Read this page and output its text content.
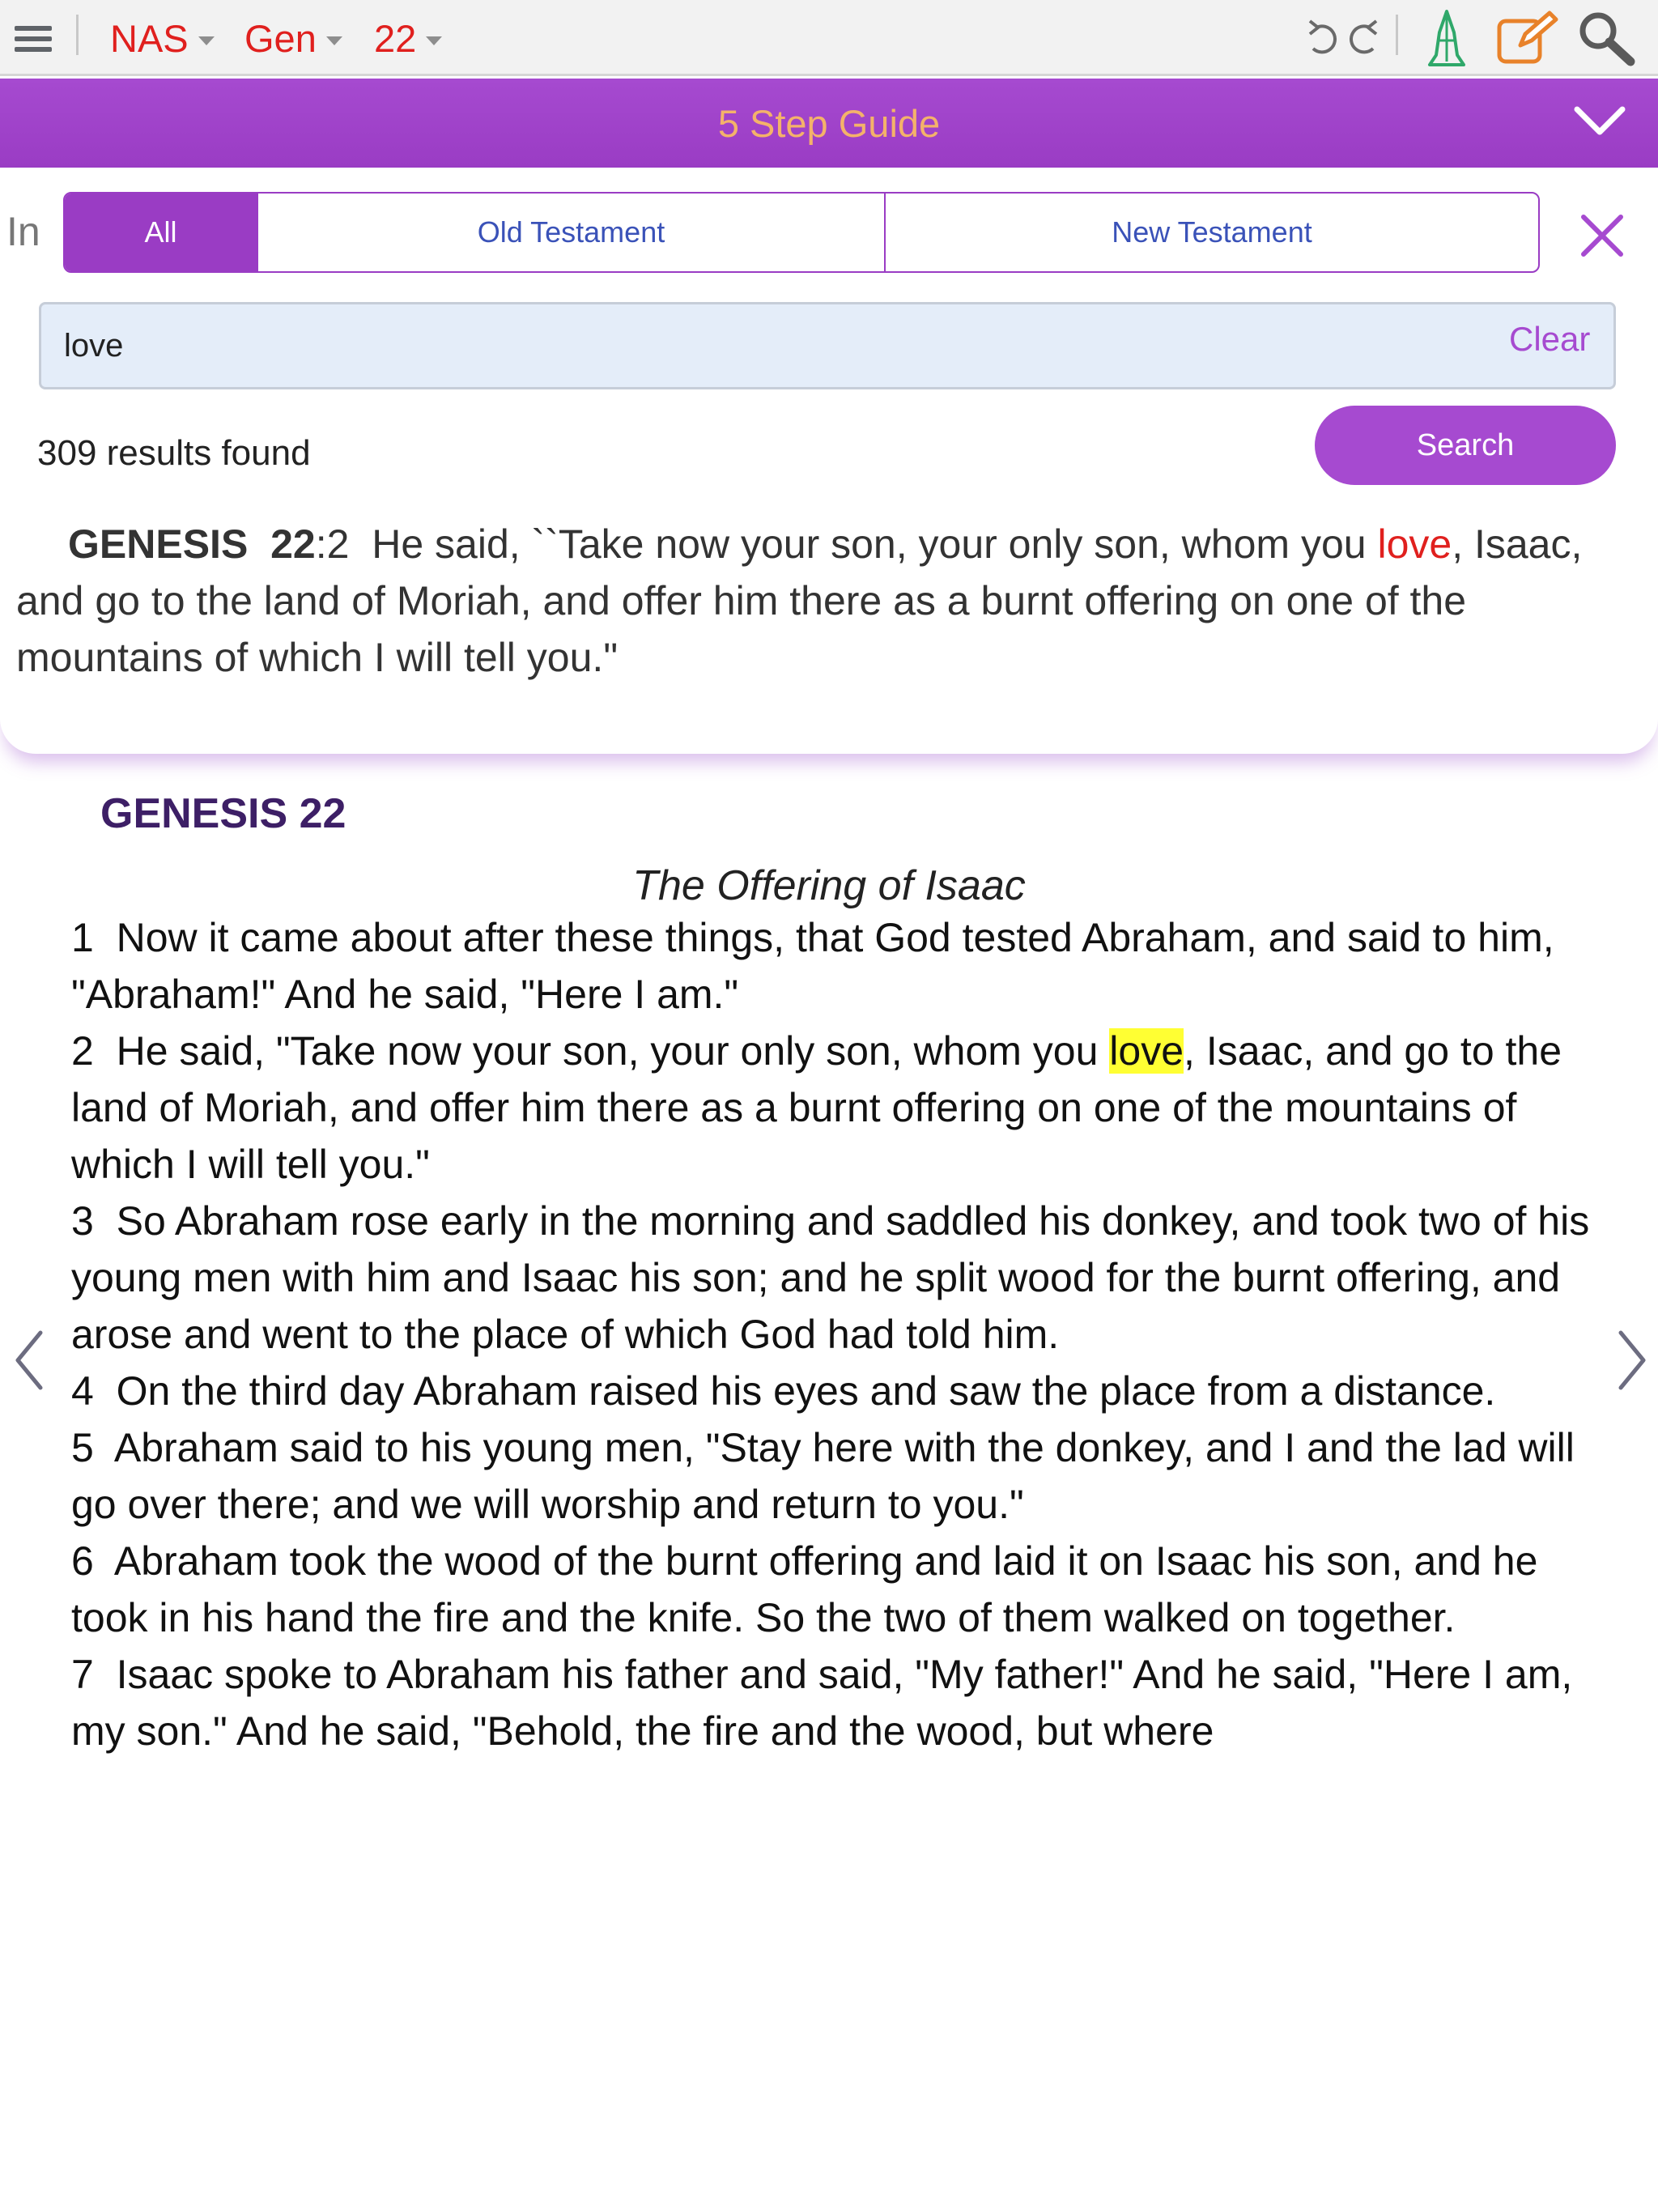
NAS Gen 22
5 Step Guide
In	All	Old Testament	New Testament
love	Clear
309 results found	Search
GENESIS 22:2 He said, ``Take now your son, your only son, whom you love, Isaac, and go to the land of Moriah, and offer him there as a burnt offering on one of the mountains of which I will tell you."
GENESIS 22
The Offering of Isaac
1 Now it came about after these things, that God tested Abraham, and said to him, "Abraham!" And he said, "Here I am."
2 He said, "Take now your son, your only son, whom you love, Isaac, and go to the land of Moriah, and offer him there as a burnt offering on one of the mountains of which I will tell you."
3 So Abraham rose early in the morning and saddled his donkey, and took two of his young men with him and Isaac his son; and he split wood for the burnt offering, and arose and went to the place of which God had told him.
4 On the third day Abraham raised his eyes and saw the place from a distance.
5 Abraham said to his young men, "Stay here with the donkey, and I and the lad will go over there; and we will worship and return to you."
6 Abraham took the wood of the burnt offering and laid it on Isaac his son, and he took in his hand the fire and the knife. So the two of them walked on together.
7 Isaac spoke to Abraham his father and said, "My father!" And he said, "Here I am, my son." And he said, "Behold, the fire and the wood, but where
